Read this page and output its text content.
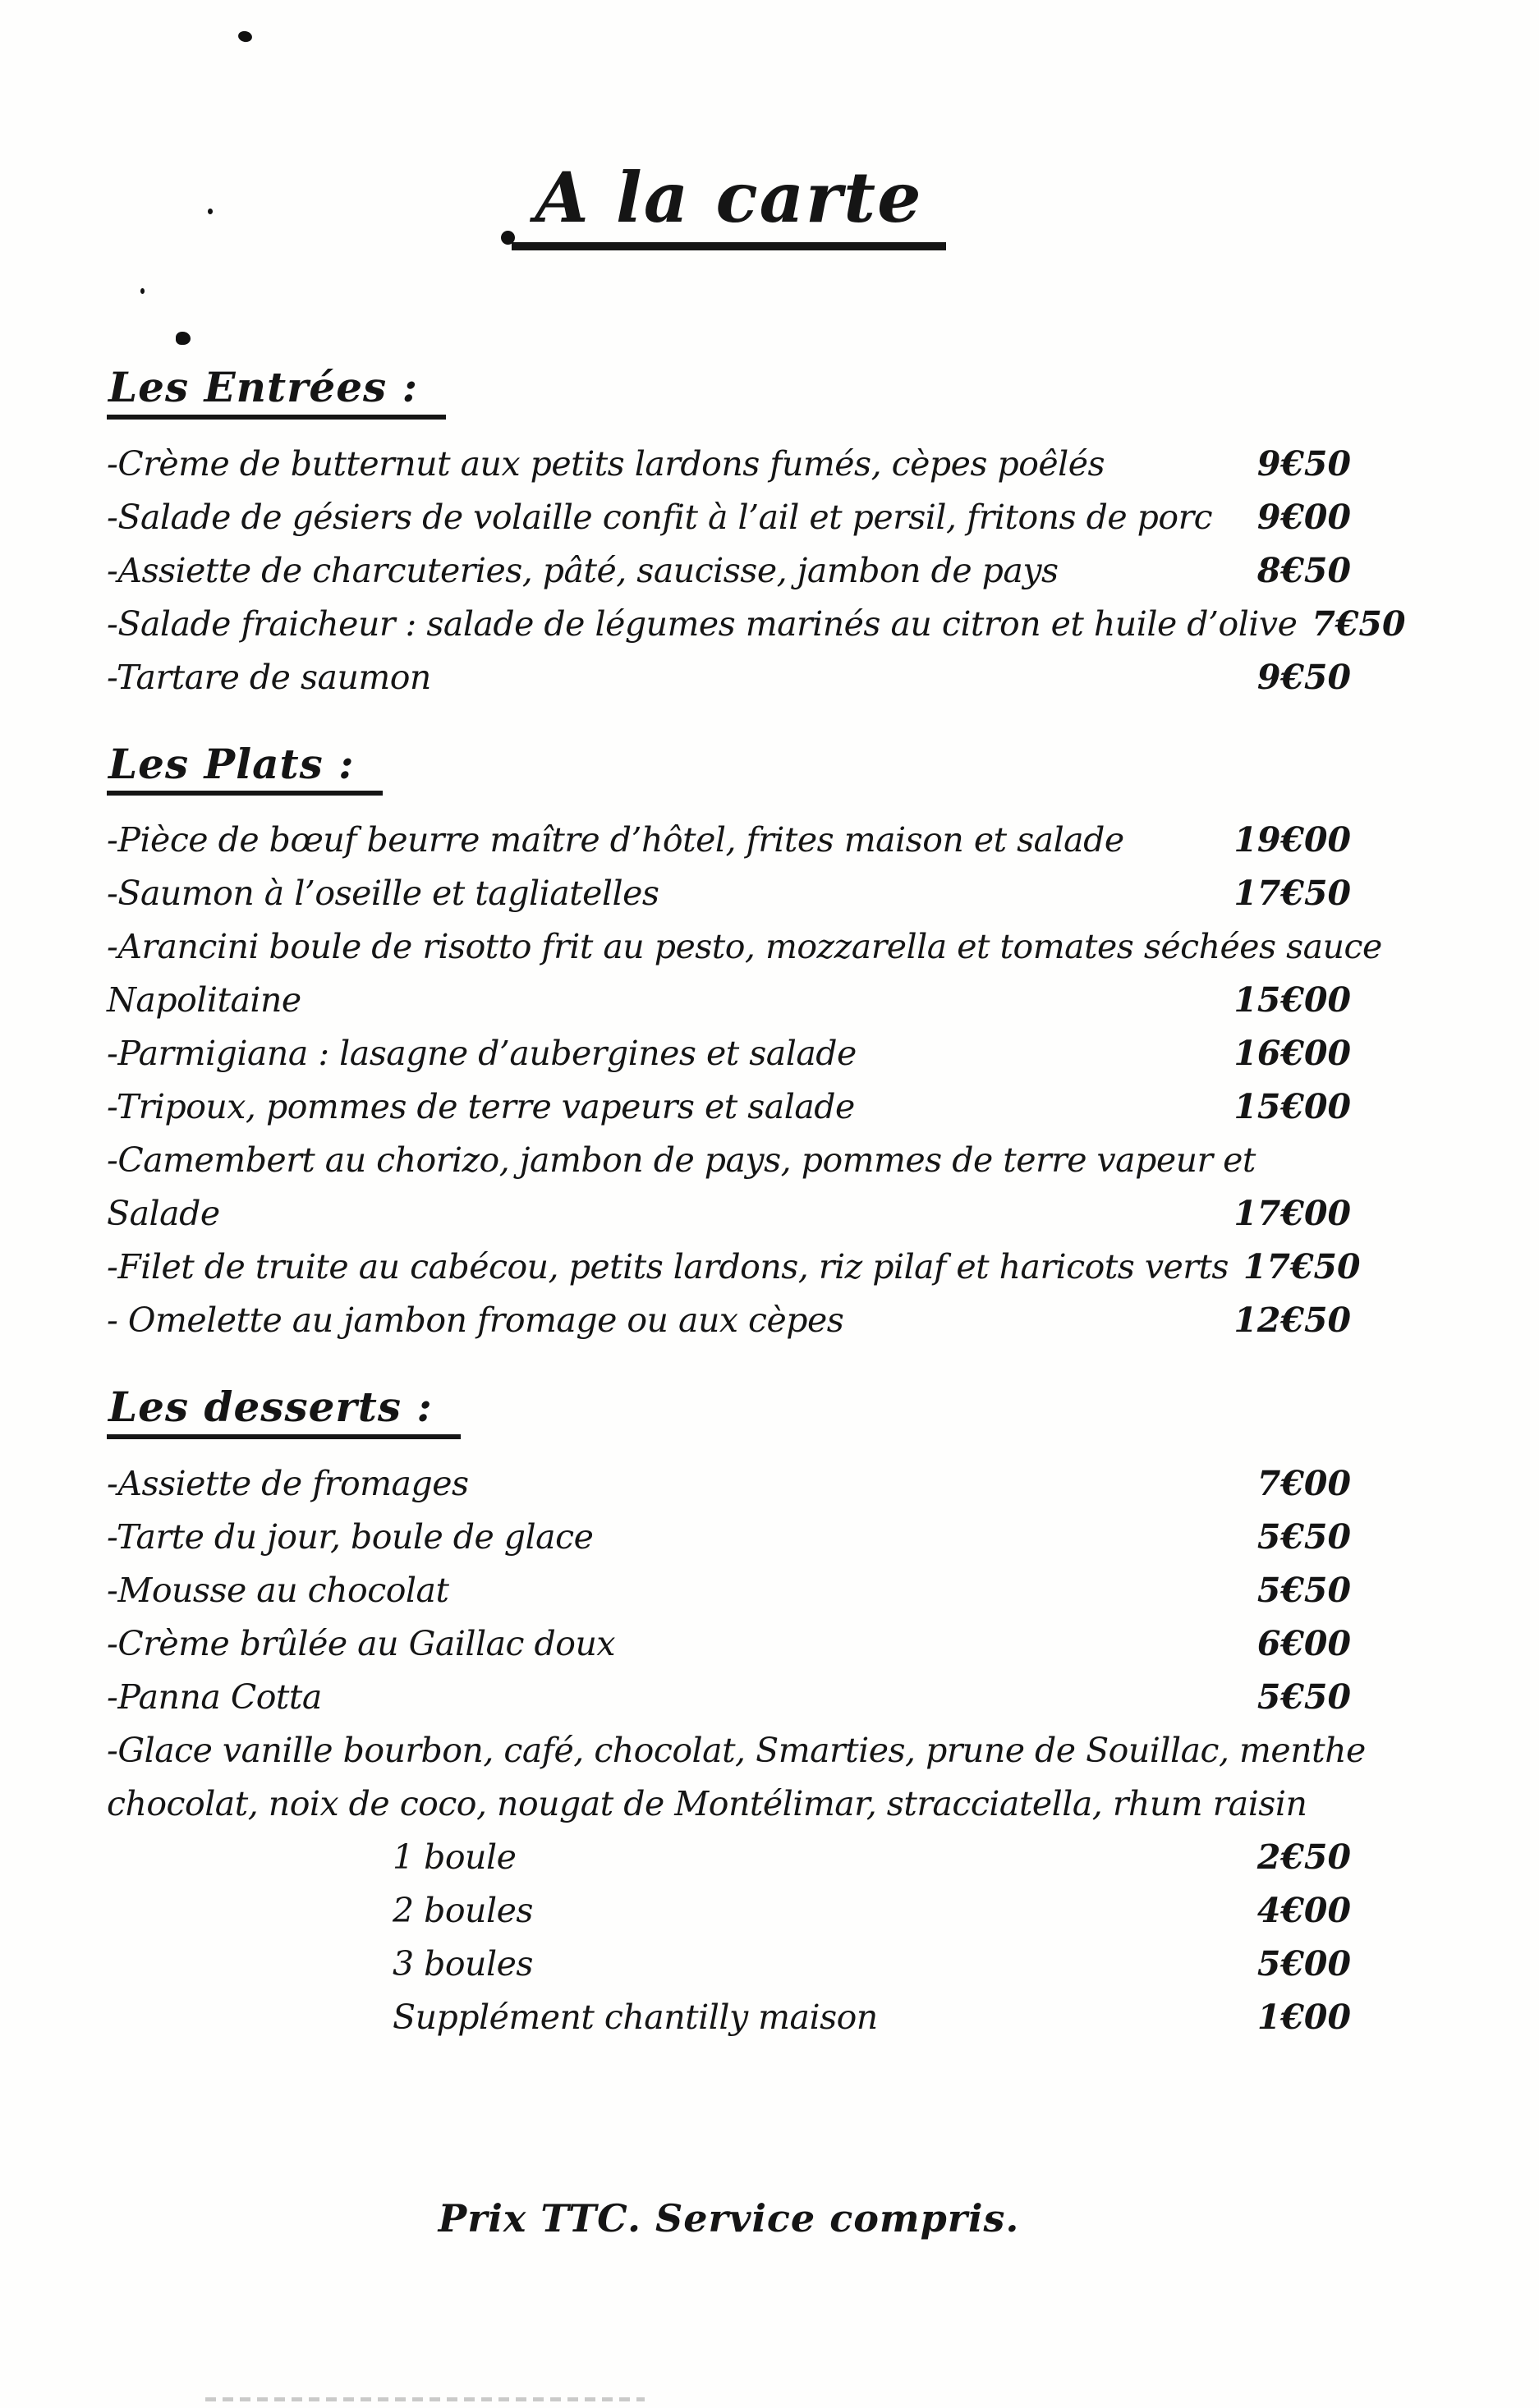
A la carte
Les Entrées :
-Crème de butternut aux petits lardons fumés, cèpes poêlés	9€50
-Salade de gésiers de volaille confit à l’ail et persil, fritons de porc 9€00
-Assiette de charcuteries, pâté, saucisse, jambon de pays	8€50
-Salade fraicheur : salade de légumes marinés au citron et huile d’olive 7€50
-Tartare de saumon	9€50
Les Plats :
-Pièce de bœuf beurre maître d’hôtel, frites maison et salade	19€00
-Saumon à l’oseille et tagliatelles	17€50
-Arancini boule de risotto frit au pesto, mozzarella et tomates séchées sauce
Napolitaine	15€00
-Parmigiana : lasagne d’aubergines et salade	16€00
-Tripoux, pommes de terre vapeurs et salade	15€00
-Camembert au chorizo, jambon de pays, pommes de terre vapeur et
Salade	17€00
-Filet de truite au cabécou, petits lardons, riz pilaf et haricots verts 17€50
- Omelette au jambon fromage ou aux cèpes	12€50
Les desserts :
-Assiette de fromages	7€00
-Tarte du jour, boule de glace	5€50
-Mousse au chocolat	5€50
-Crème brûlée au Gaillac doux	6€00
-Panna Cotta	5€50
-Glace vanille bourbon, café, chocolat, Smarties, prune de Souillac, menthe
chocolat, noix de coco, nougat de Montélimar, stracciatella, rhum raisin
1 boule	2€50
2 boules	4€00
3 boules	5€00
Supplément chantilly maison	1€00
Prix TTC. Service compris.
